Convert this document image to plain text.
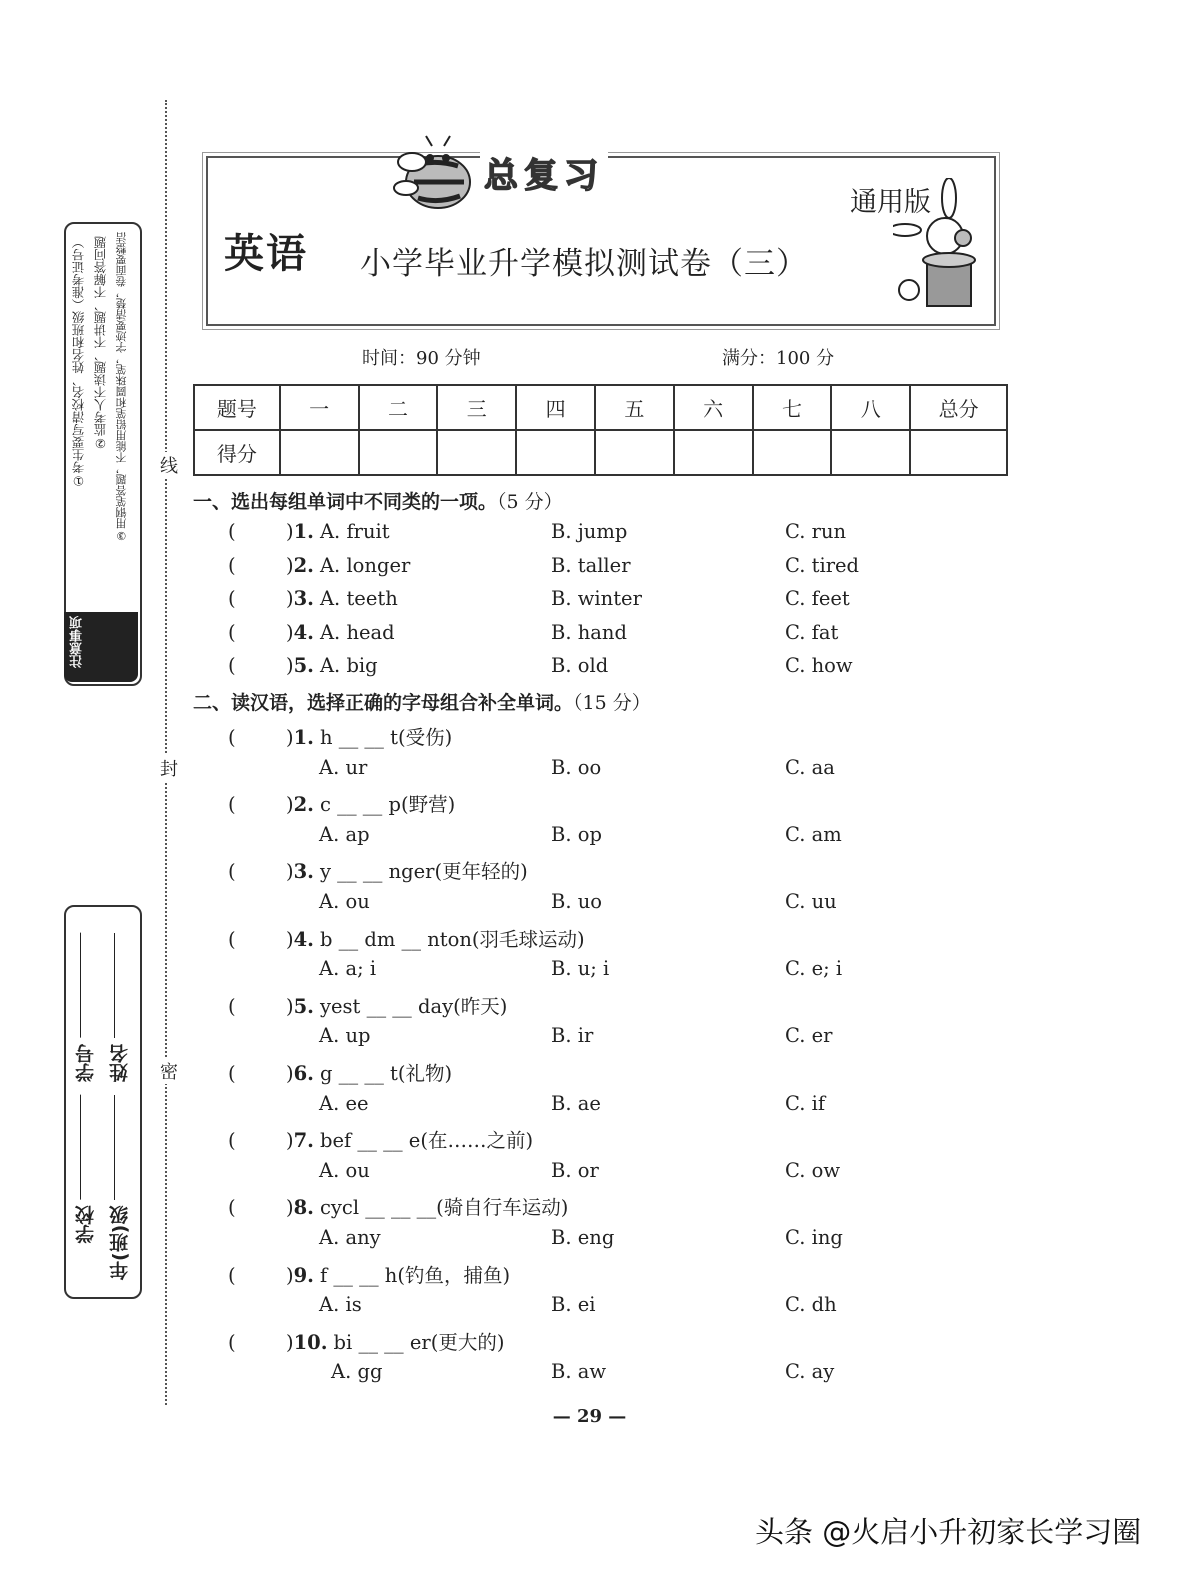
线
封
密
①考生要写清校名、姓名和班级（准考证号） ②监考人不读题、不讲题、不解答问题 ③用钢笔答题，不能用铅笔和圆珠笔，字迹要清楚，卷面要整洁
注意事项
学校 学号
年(班)级 姓名
总复习
通用版
英语 小学毕业升学模拟测试卷（三）
时间：90 分钟	满分：100 分
题号	一	二	三	四	五	六	七	八	总分
得分									
一、选出每组单词中不同类的一项。（5 分）
(	)1. A. fruit	B. jump	C. run
(	)2. A. longer	B. taller	C. tired
(	)3. A. teeth	B. winter	C. feet
(	)4. A. head	B. hand	C. fat
(	)5. A. big	B. old	C. how
二、读汉语，选择正确的字母组合补全单词。（15 分）
(	)1. h __ __ t(受伤)
A. ur	B. oo	C. aa
(	)2. c __ __ p(野营)
A. ap	B. op	C. am
(	)3. y __ __ nger(更年轻的)
A. ou	B. uo	C. uu
(	)4. b __ dm __ nton(羽毛球运动)
A. a; i	B. u; i	C. e; i
(	)5. yest __ __ day(昨天)
A. up	B. ir	C. er
(	)6. g __ __ t(礼物)
A. ee	B. ae	C. if
(	)7. bef __ __ e(在……之前)
A. ou	B. or	C. ow
(	)8. cycl __ __ __(骑自行车运动)
A. any	B. eng	C. ing
(	)9. f __ __ h(钓鱼，捕鱼)
A. is	B. ei	C. dh
(	)10. bi __ __ er(更大的)
A. gg	B. aw	C. ay
— 29 —
头条 @火启小升初家长学习圈
